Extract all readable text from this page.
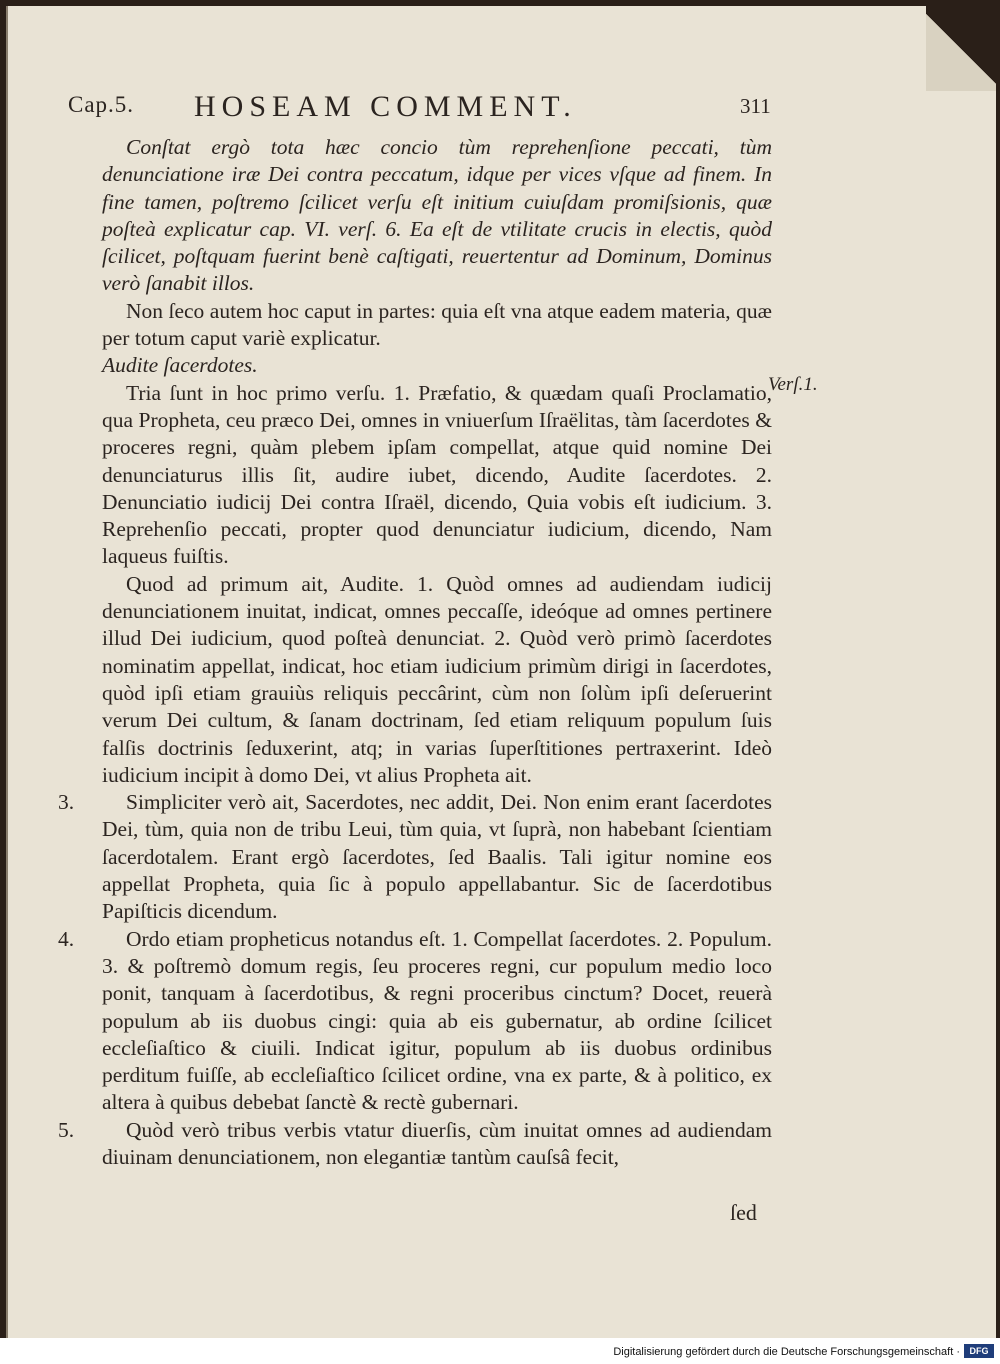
Cap.5. HOSEAM COMMENT.	311
Verſ.1.

Conſtat ergò tota hæc concio tùm reprehenſione peccati, tùm denunciatione iræ Dei contra peccatum, idque per vices vſque ad finem. In fine tamen, poſtremo ſcilicet verſu eſt initium cuiuſdam promiſsionis, quæ poſteà explicatur cap. VI. verſ. 6. Ea eſt de vtilitate crucis in electis, quòd ſcilicet, poſtquam fuerint benè caſtigati, reuertentur ad Dominum, Dominus verò ſanabit illos.

Non ſeco autem hoc caput in partes: quia eſt vna atque eadem materia, quæ per totum caput variè explicatur.

Audite ſacerdotes.

Tria ſunt in hoc primo verſu. 1. Præfatio, & quædam quaſi Proclamatio, qua Propheta, ceu præco Dei, omnes in vniuerſum Iſraëlitas, tàm ſacerdotes & proceres regni, quàm plebem ipſam compellat, atque quid nomine Dei denunciaturus illis ſit, audire iubet, dicendo, Audite ſacerdotes. 2. Denunciatio iudicij Dei contra Iſraël, dicendo, Quia vobis eſt iudicium. 3. Reprehenſio peccati, propter quod denunciatur iudicium, dicendo, Nam laqueus fuiſtis.

Quod ad primum ait, Audite. 1. Quòd omnes ad audiendam iudicij denunciationem inuitat, indicat, omnes peccaſſe, ideóque ad omnes pertinere illud Dei iudicium, quod poſteà denunciat. 2. Quòd verò primò ſacerdotes nominatim appellat, indicat, hoc etiam iudicium primùm dirigi in ſacerdotes, quòd ipſi etiam grauiùs reliquis peccârint, cùm non ſolùm ipſi deſeruerint verum Dei cultum, & ſanam doctrinam, ſed etiam reliquum populum ſuis falſis doctrinis ſeduxerint, atq; in varias ſuperſtitiones pertraxerint. Ideò iudicium incipit à domo Dei, vt alius Propheta ait.

3.	Simpliciter verò ait, Sacerdotes, nec addit, Dei. Non enim erant ſacerdotes Dei, tùm, quia non de tribu Leui, tùm quia, vt ſuprà, non habebant ſcientiam ſacerdotalem. Erant ergò ſacerdotes, ſed Baalis. Tali igitur nomine eos appellat Propheta, quia ſic à populo appellabantur. Sic de ſacerdotibus Papiſticis dicendum.

4.	Ordo etiam propheticus notandus eſt. 1. Compellat ſacerdotes. 2. Populum. 3. & poſtremò domum regis, ſeu proceres regni, cur populum medio loco ponit, tanquam à ſacerdotibus, & regni proceribus cinctum? Docet, reuerà populum ab iis duobus cingi: quia ab eis gubernatur, ab ordine ſcilicet eccleſiaſtico & ciuili. Indicat igitur, populum ab iis duobus ordinibus perditum fuiſſe, ab eccleſiaſtico ſcilicet ordine, vna ex parte, & à politico, ex altera à quibus debebat ſanctè & rectè gubernari.

5.	Quòd verò tribus verbis vtatur diuerſis, cùm inuitat omnes ad audiendam diuinam denunciationem, non elegantiæ tantùm cauſsâ fecit,

ſed
Digitalisierung gefördert durch die Deutsche Forschungsgemeinschaft ·	DFG
